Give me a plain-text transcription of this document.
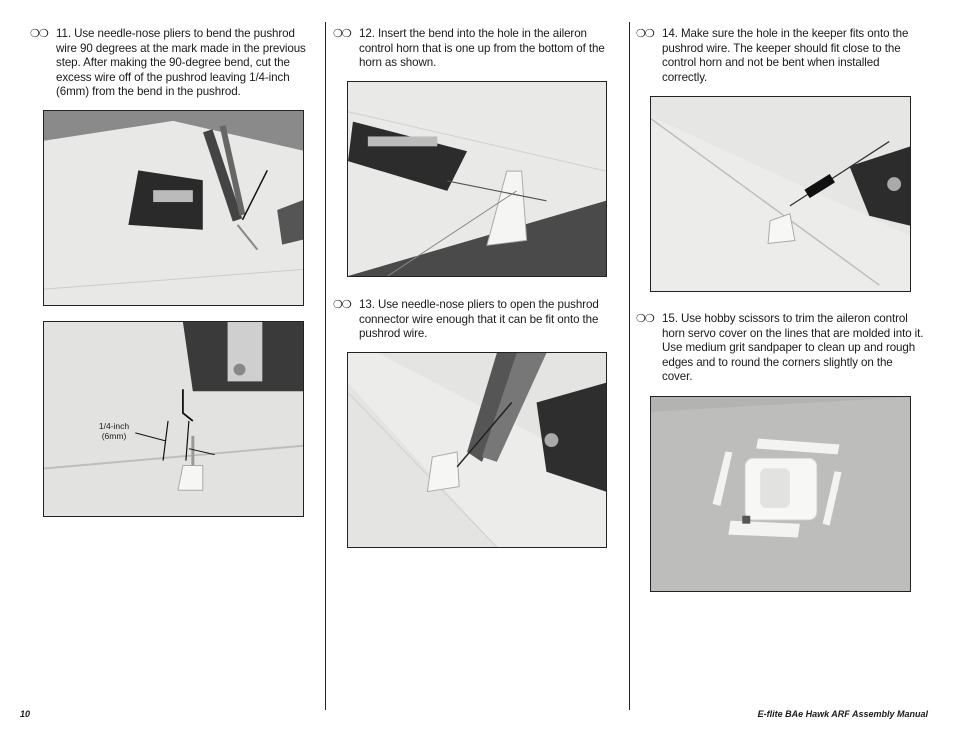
❍❍ 11. Use needle-nose pliers to bend the pushrod wire 90 degrees at the mark made in the previous step. After making the 90-degree bend, cut the excess wire off of the pushrod leaving 1/4-inch (6mm) from the bend in the pushrod.
1/4-inch
(6mm)
❍❍ 12. Insert the bend into the hole in the aileron control horn that is one up from the bottom of the horn as shown.
❍❍ 13. Use needle-nose pliers to open the pushrod connector wire enough that it can be fit onto the pushrod wire.
❍❍ 14. Make sure the hole in the keeper fits onto the pushrod wire. The keeper should fit close to the control horn and not be bent when installed correctly.
❍❍ 15. Use hobby scissors to trim the aileron control horn servo cover on the lines that are molded into it. Use medium grit sandpaper to clean up and rough edges and to round the corners slightly on the cover.
10	E-flite BAe Hawk ARF Assembly Manual
